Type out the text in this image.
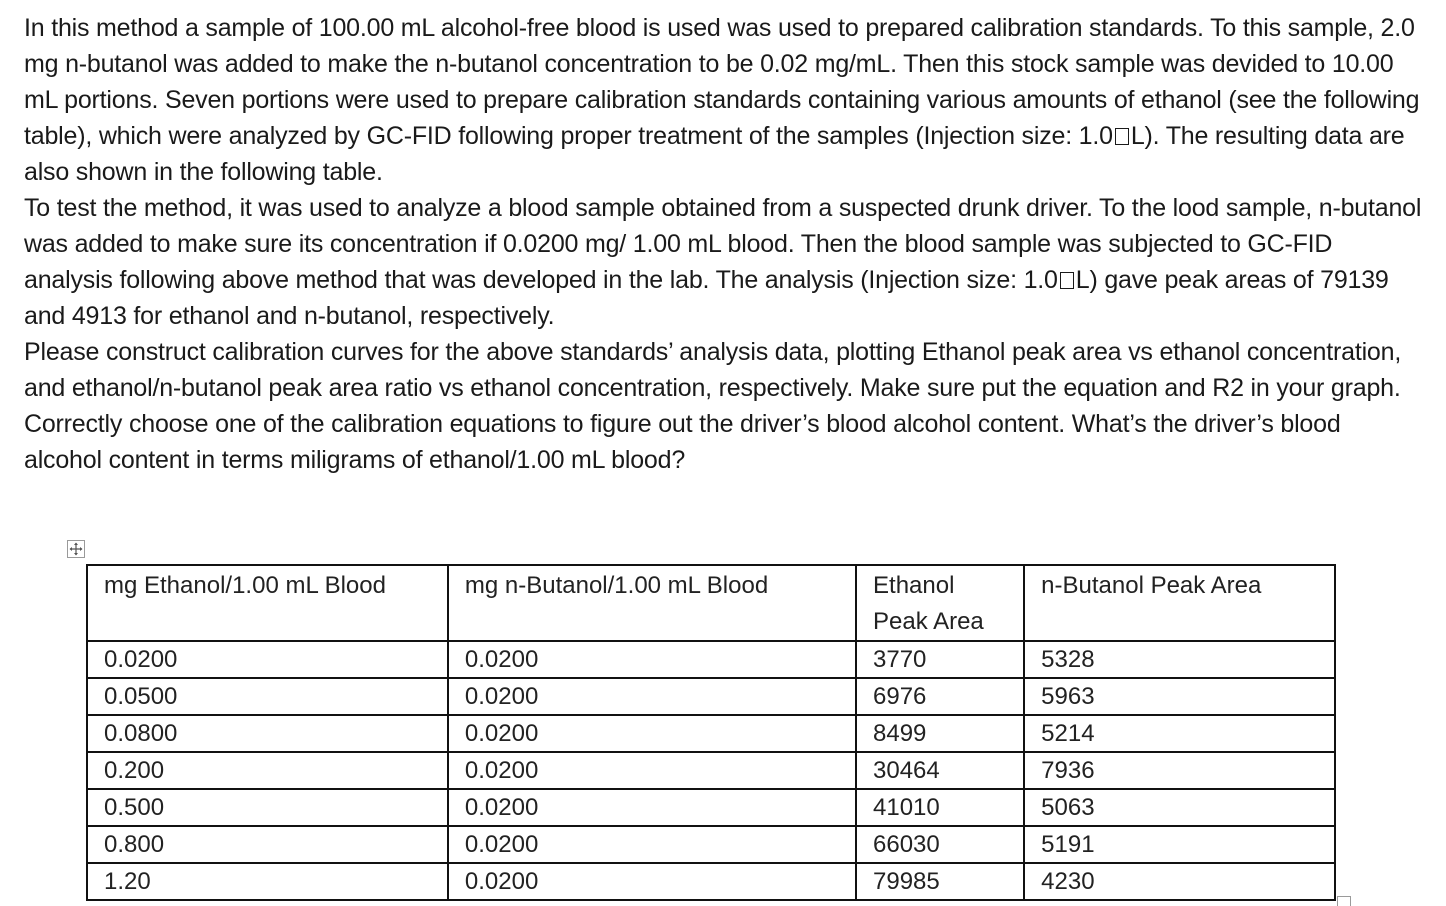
In this method a sample of 100.00 mL alcohol-free blood is used was used to prepared calibration standards. To this sample, 2.0 mg n-butanol was added to make the n-butanol concentration to be 0.02 mg/mL. Then this stock sample was devided to 10.00 mL portions. Seven portions were used to prepare calibration standards containing various amounts of ethanol (see the following table), which were analyzed by GC-FID following proper treatment of the samples (Injection size: 1.0 L). The resulting data are also shown in the following table.

To test the method, it was used to analyze a blood sample obtained from a suspected drunk driver. To the lood sample, n-butanol was added to make sure its concentration if 0.0200 mg/ 1.00 mL blood. Then the blood sample was subjected to GC-FID analysis following above method that was developed in the lab. The analysis (Injection size: 1.0 L) gave peak areas of 79139 and 4913 for ethanol and n-butanol, respectively.

Please construct calibration curves for the above standards’ analysis data, plotting Ethanol peak area vs ethanol concentration, and ethanol/n-butanol peak area ratio vs ethanol concentration, respectively. Make sure put the equation and R2 in your graph. Correctly choose one of the calibration equations to figure out the driver’s blood alcohol content. What’s the driver’s blood alcohol content in terms miligrams of ethanol/1.00 mL blood?

mg Ethanol/1.00 mL Blood	mg n-Butanol/1.00 mL Blood	Ethanol Peak Area	n-Butanol Peak Area
0.0200	0.0200	3770	5328
0.0500	0.0200	6976	5963
0.0800	0.0200	8499	5214
0.200	0.0200	30464	7936
0.500	0.0200	41010	5063
0.800	0.0200	66030	5191
1.20	0.0200	79985	4230
